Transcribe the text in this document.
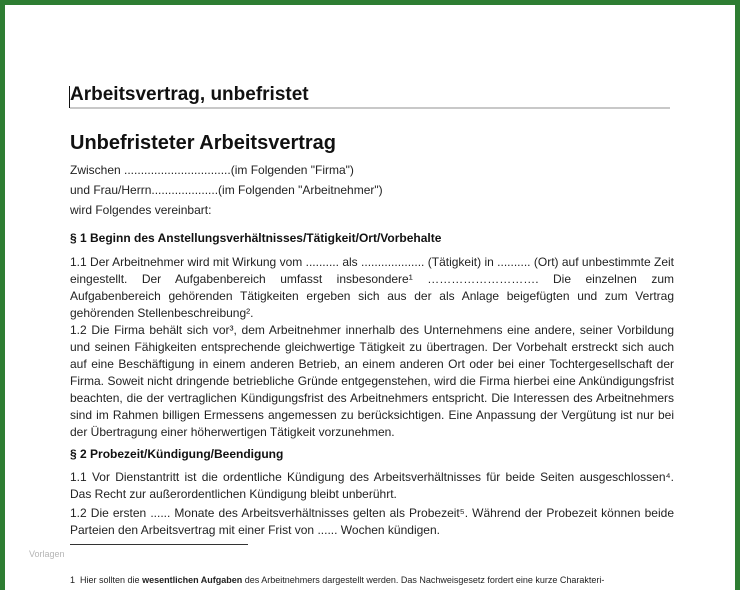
Arbeitsvertrag, unbefristet
Unbefristeter Arbeitsvertrag
Zwischen ................................(im Folgenden "Firma")
und Frau/Herrn....................(im Folgenden "Arbeitnehmer")
wird Folgendes vereinbart:
§ 1 Beginn des Anstellungsverhältnisses/Tätigkeit/Ort/Vorbehalte
1.1 Der Arbeitnehmer wird mit Wirkung vom .......... als ................... (Tätigkeit) in .......... (Ort) auf unbestimmte Zeit eingestellt. Der Aufgabenbereich umfasst insbesondere¹ ………………………. Die einzelnen zum Aufgabenbereich gehörenden Tätigkeiten ergeben sich aus der als Anlage beigefügten und zum Vertrag gehörenden Stellenbeschreibung².
1.2 Die Firma behält sich vor³, dem Arbeitnehmer innerhalb des Unternehmens eine andere, seiner Vorbildung und seinen Fähigkeiten entsprechende gleichwertige Tätigkeit zu übertragen. Der Vorbehalt erstreckt sich auch auf eine Beschäftigung in einem anderen Betrieb, an einem anderen Ort oder bei einer Tochtergesellschaft der Firma. Soweit nicht dringende betriebliche Gründe entgegenstehen, wird die Firma hierbei eine Ankündigungsfrist beachten, die der vertraglichen Kündigungsfrist des Arbeitnehmers entspricht. Die Interessen des Arbeitnehmers sind im Rahmen billigen Ermessens angemessen zu berücksichtigen. Eine Anpassung der Vergütung ist nur bei der Übertragung einer höherwertigen Tätigkeit vorzunehmen.
§ 2 Probezeit/Kündigung/Beendigung
1.1 Vor Dienstantritt ist die ordentliche Kündigung des Arbeitsverhältnisses für beide Seiten ausgeschlossen⁴. Das Recht zur außerordentlichen Kündigung bleibt unberührt.
1.2 Die ersten ...... Monate des Arbeitsverhältnisses gelten als Probezeit⁵. Während der Probezeit können beide Parteien den Arbeitsvertrag mit einer Frist von ...... Wochen kündigen.
Vorlagen
1 Hier sollten die wesentlichen Aufgaben des Arbeitnehmers dargestellt werden. Das Nachweisgesetz fordert eine kurze Charakteri-
